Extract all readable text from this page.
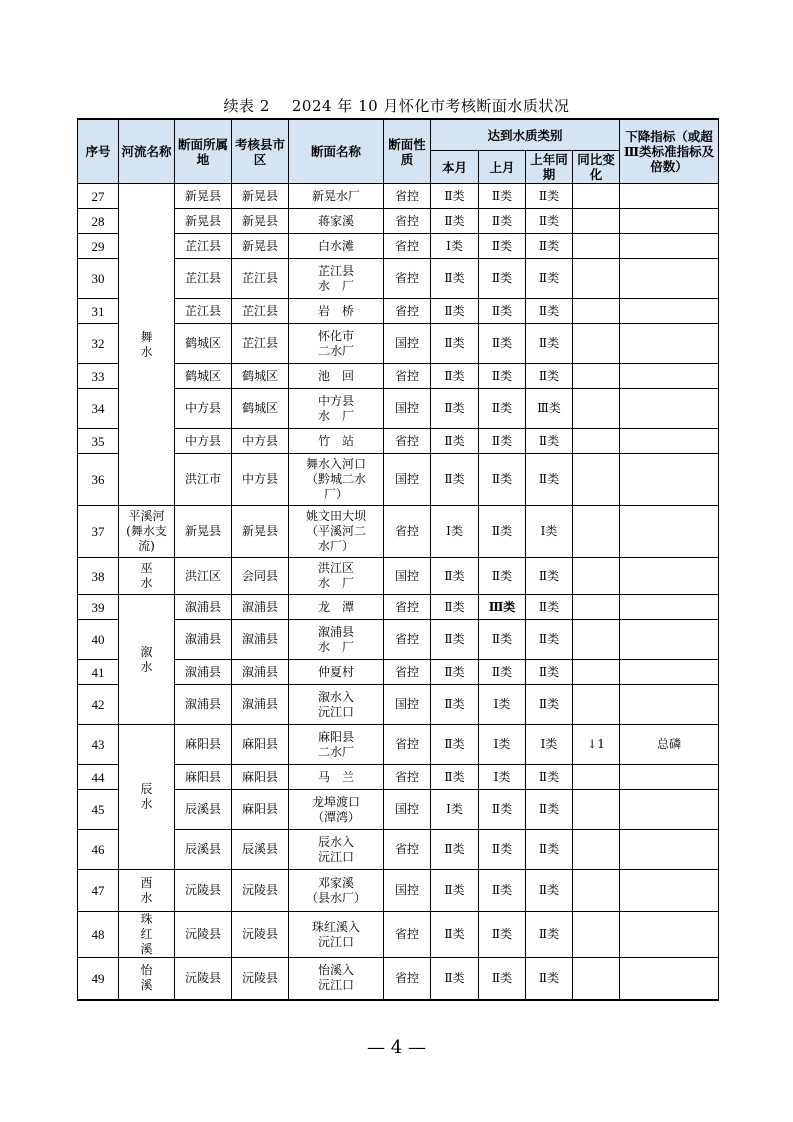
续表 2 2024 年 10 月怀化市考核断面水质状况
序号	河流名称	断面所属地	考核县市区	断面名称	断面性质	达到水质类别				下降指标（或超Ⅲ类标准指标及倍数）
						本月	上月	上年同期	同比变化	
27	舞水	新晃县	新晃县	新晃水厂	省控	Ⅱ类	Ⅱ类	Ⅱ类		
28		新晃县	新晃县	蒋家溪	省控	Ⅱ类	Ⅱ类	Ⅱ类		
29		芷江县	新晃县	白水滩	省控	Ⅰ类	Ⅱ类	Ⅱ类		
30		芷江县	芷江县	芷江县
水　厂	省控	Ⅱ类	Ⅱ类	Ⅱ类		
31		芷江县	芷江县	岩　桥	省控	Ⅱ类	Ⅱ类	Ⅱ类		
32		鹤城区	芷江县	怀化市
二水厂	国控	Ⅱ类	Ⅱ类	Ⅱ类		
33		鹤城区	鹤城区	池　回	省控	Ⅱ类	Ⅱ类	Ⅱ类		
34		中方县	鹤城区	中方县
水　厂	国控	Ⅱ类	Ⅱ类	Ⅲ类		
35		中方县	中方县	竹　站	省控	Ⅱ类	Ⅱ类	Ⅱ类		
36		洪江市	中方县	舞水入河口
（黔城二水
厂）	国控	Ⅱ类	Ⅱ类	Ⅱ类		
37	平溪河(舞水支流)	新晃县	新晃县	姚文田大坝
（平溪河二
水厂）	省控	Ⅰ类	Ⅱ类	Ⅰ类		
38	巫水	洪江区	会同县	洪江区
水　厂	国控	Ⅱ类	Ⅱ类	Ⅱ类		
39	溆水	溆浦县	溆浦县	龙　潭	省控	Ⅱ类	Ⅲ类	Ⅱ类		
40		溆浦县	溆浦县	溆浦县
水　厂	省控	Ⅱ类	Ⅱ类	Ⅱ类		
41		溆浦县	溆浦县	仲夏村	省控	Ⅱ类	Ⅱ类	Ⅱ类		
42		溆浦县	溆浦县	溆水入
沅江口	国控	Ⅱ类	Ⅰ类	Ⅱ类		
43	辰水	麻阳县	麻阳县	麻阳县
二水厂	省控	Ⅱ类	Ⅰ类	Ⅰ类	↓1	总磷
44		麻阳县	麻阳县	马　兰	省控	Ⅱ类	Ⅰ类	Ⅱ类		
45		辰溪县	麻阳县	龙埠渡口
（潭湾）	国控	Ⅰ类	Ⅱ类	Ⅱ类		
46		辰溪县	辰溪县	辰水入
沅江口	省控	Ⅱ类	Ⅱ类	Ⅱ类		
47	酉水	沅陵县	沅陵县	邓家溪
（县水厂）	国控	Ⅱ类	Ⅱ类	Ⅱ类		
48	珠红溪	沅陵县	沅陵县	珠红溪入
沅江口	省控	Ⅱ类	Ⅱ类	Ⅱ类		
49	怡溪	沅陵县	沅陵县	怡溪入
沅江口	省控	Ⅱ类	Ⅱ类	Ⅱ类		
— 4 —
